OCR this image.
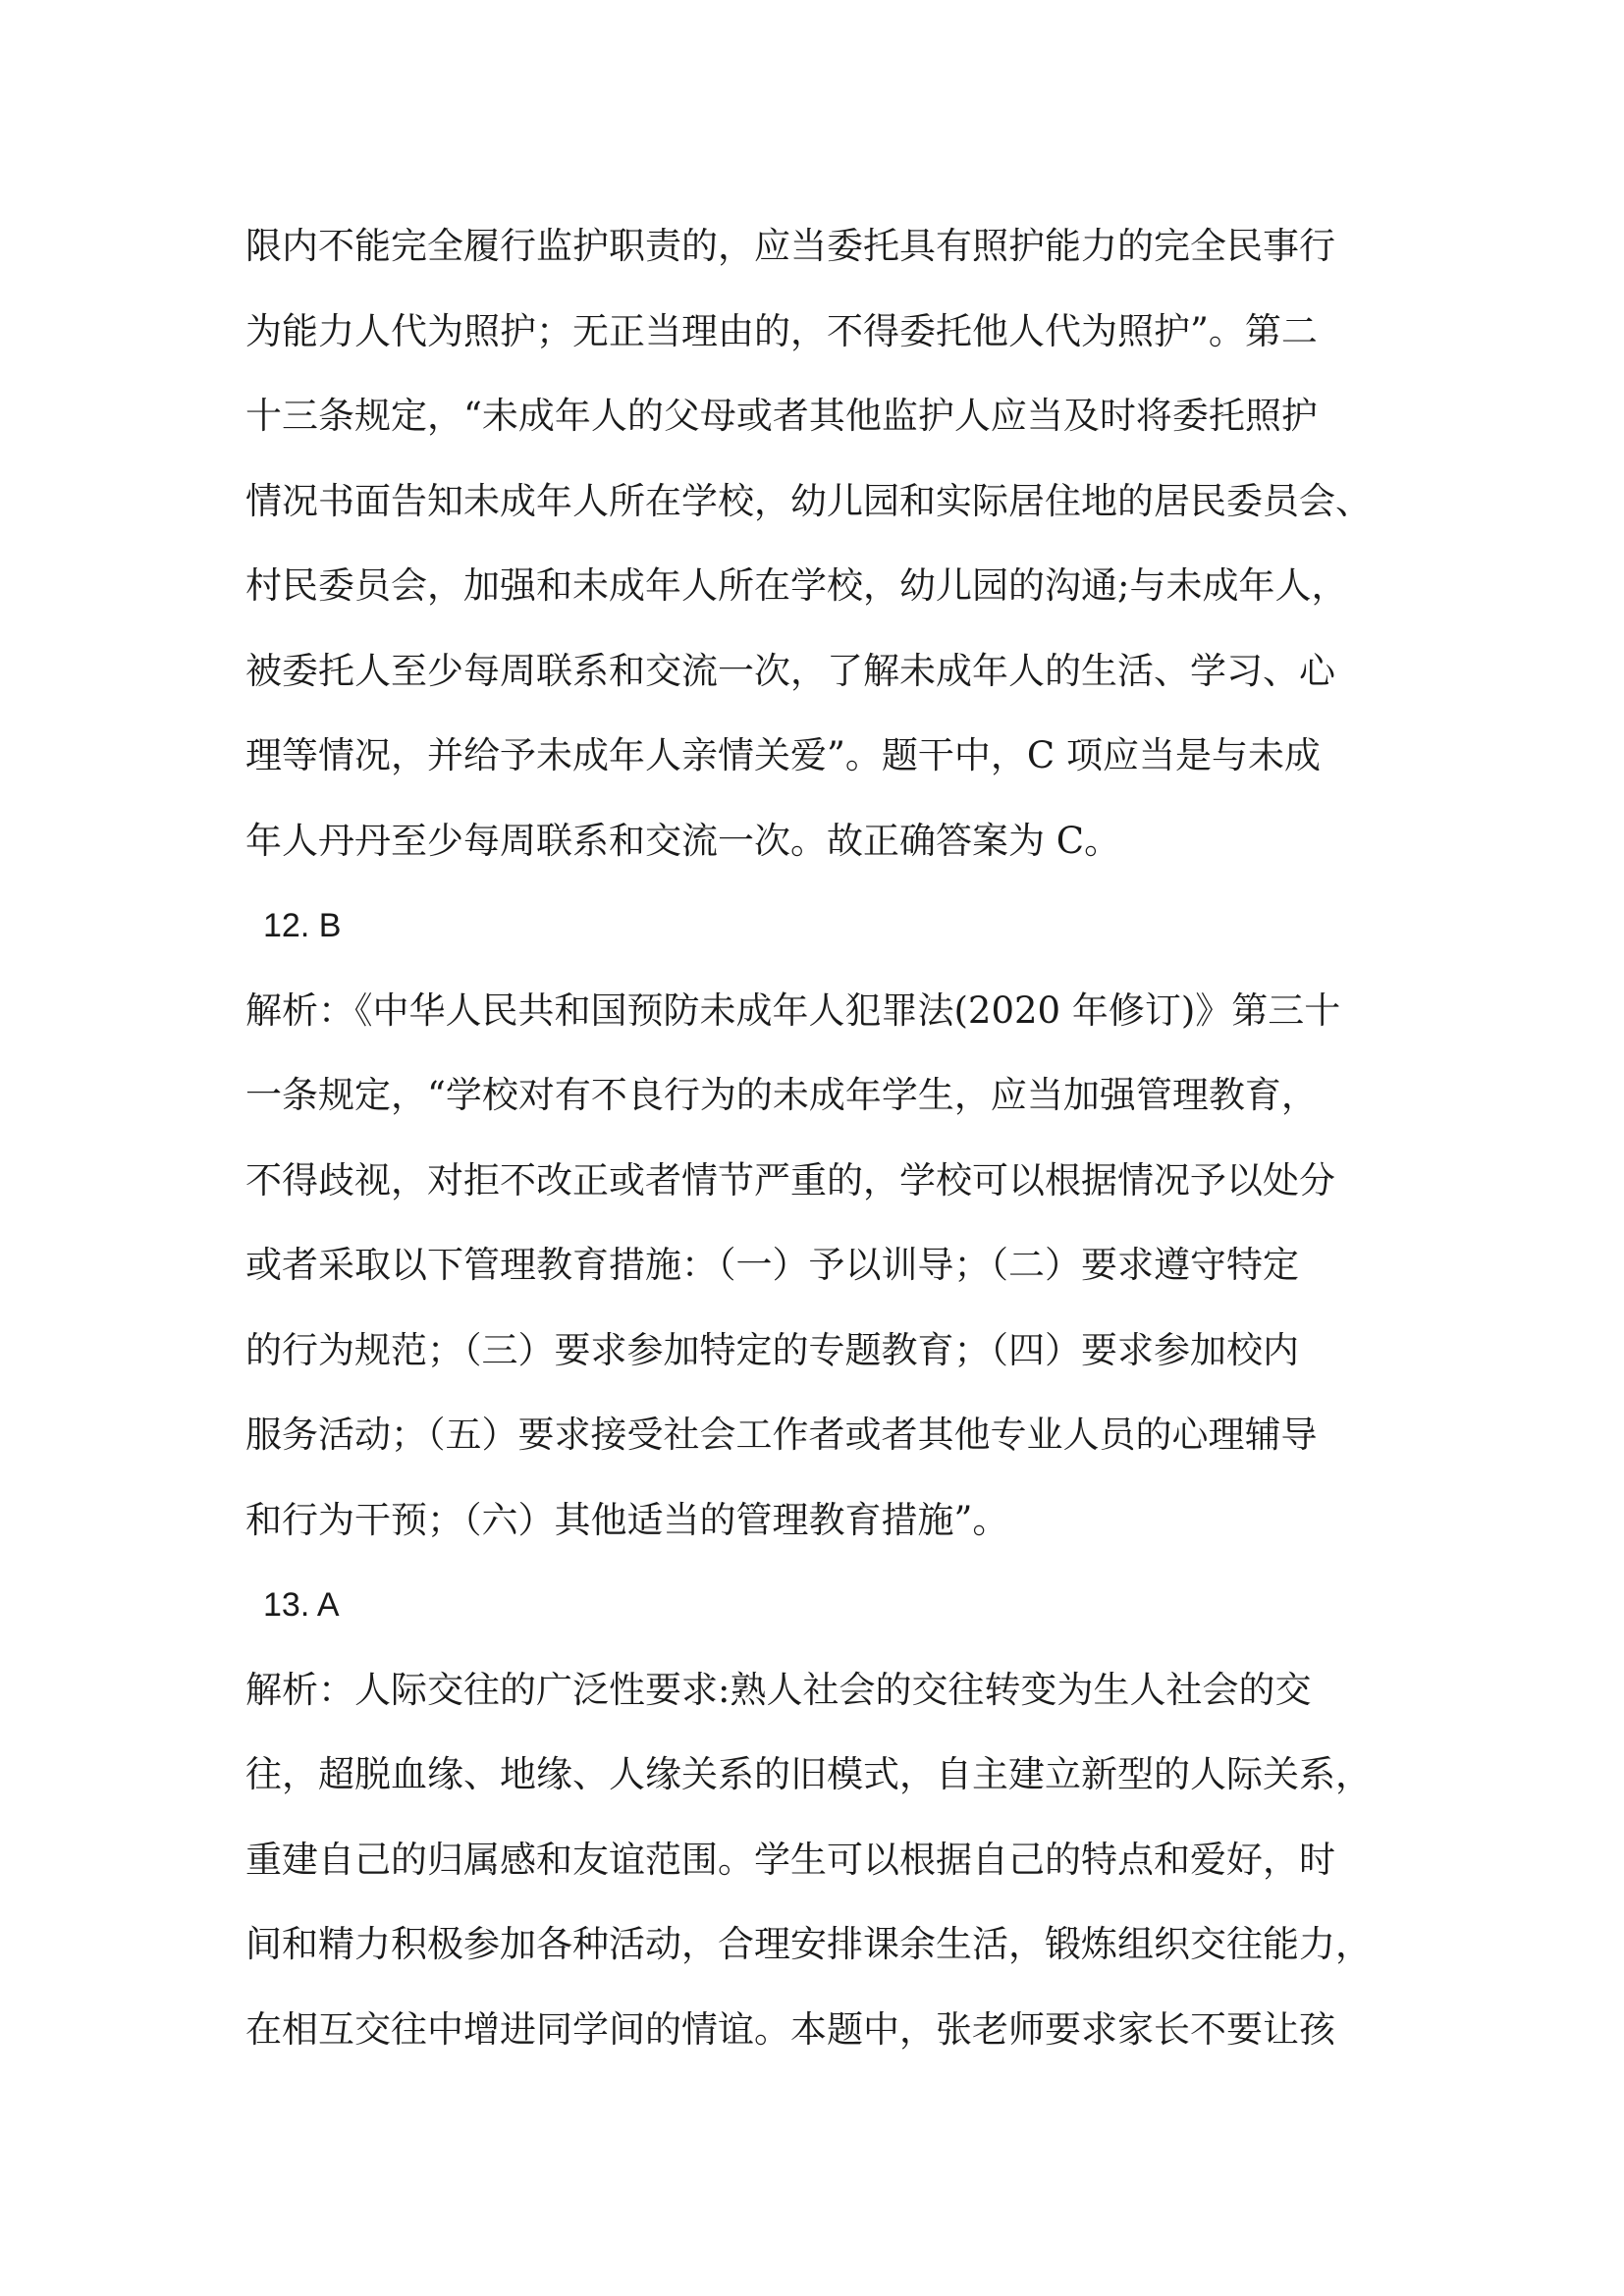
限内不能完全履行监护职责的，应当委托具有照护能力的完全民事行
为能力人代为照护；无正当理由的，不得委托他人代为照护”。第二
十三条规定，“未成年人的父母或者其他监护人应当及时将委托照护
情况书面告知未成年人所在学校，幼儿园和实际居住地的居民委员会、
村民委员会，加强和未成年人所在学校，幼儿园的沟通;与未成年人，
被委托人至少每周联系和交流一次，了解未成年人的生活、学习、心
理等情况，并给予未成年人亲情关爱”。题干中，C 项应当是与未成
年人丹丹至少每周联系和交流一次。故正确答案为 C。
12. B
解析：《中华人民共和国预防未成年人犯罪法(2020 年修订)》第三十
一条规定，“学校对有不良行为的未成年学生，应当加强管理教育，
不得歧视，对拒不改正或者情节严重的，学校可以根据情况予以处分
或者采取以下管理教育措施：（一）予以训导；（二）要求遵守特定
的行为规范；（三）要求参加特定的专题教育；（四）要求参加校内
服务活动；（五）要求接受社会工作者或者其他专业人员的心理辅导
和行为干预；（六）其他适当的管理教育措施”。
13. A
解析：人际交往的广泛性要求:熟人社会的交往转变为生人社会的交
往，超脱血缘、地缘、人缘关系的旧模式，自主建立新型的人际关系，
重建自己的归属感和友谊范围。学生可以根据自己的特点和爱好，时
间和精力积极参加各种活动，合理安排课余生活，锻炼组织交往能力，
在相互交往中增进同学间的情谊。本题中，张老师要求家长不要让孩
